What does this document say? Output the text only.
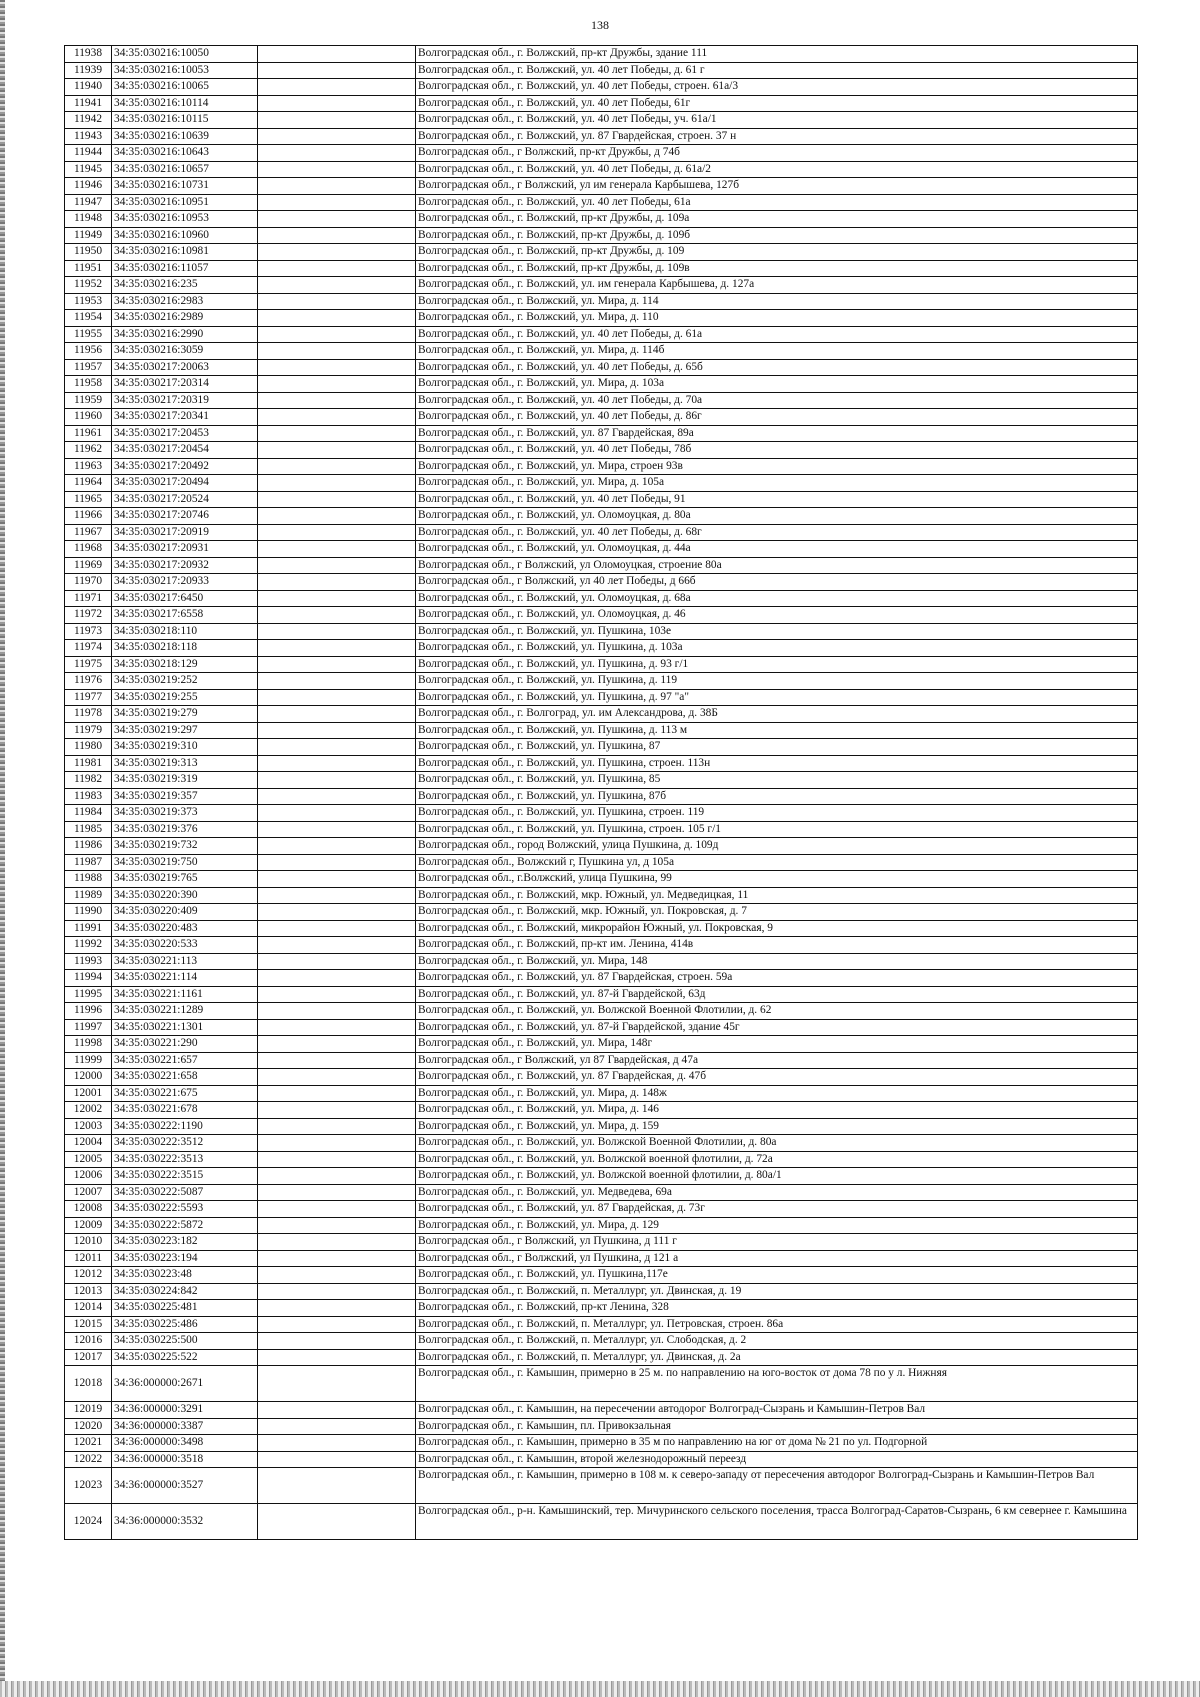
138
11938	34:35:030216:10050		Волгоградская обл., г. Волжский, пр-кт Дружбы, здание 111
11939	34:35:030216:10053		Волгоградская обл., г. Волжский, ул. 40 лет Победы, д. 61 г
11940	34:35:030216:10065		Волгоградская обл., г. Волжский, ул. 40 лет Победы, строен. 61а/3
11941	34:35:030216:10114		Волгоградская обл., г. Волжский, ул. 40 лет Победы, 61г
11942	34:35:030216:10115		Волгоградская обл., г. Волжский, ул. 40 лет Победы, уч. 61а/1
11943	34:35:030216:10639		Волгоградская обл., г. Волжский, ул. 87 Гвардейская, строен. 37 н
11944	34:35:030216:10643		Волгоградская обл., г Волжский, пр-кт Дружбы, д 74б
11945	34:35:030216:10657		Волгоградская обл., г. Волжский, ул. 40 лет Победы, д. 61а/2
11946	34:35:030216:10731		Волгоградская обл., г Волжский, ул им генерала Карбышева, 127б
11947	34:35:030216:10951		Волгоградская обл., г. Волжский, ул. 40 лет Победы, 61а
11948	34:35:030216:10953		Волгоградская обл., г. Волжский, пр-кт Дружбы, д. 109а
11949	34:35:030216:10960		Волгоградская обл., г. Волжский, пр-кт Дружбы, д. 109б
11950	34:35:030216:10981		Волгоградская обл., г. Волжский, пр-кт Дружбы, д. 109
11951	34:35:030216:11057		Волгоградская обл., г. Волжский, пр-кт Дружбы, д. 109в
11952	34:35:030216:235		Волгоградская обл., г. Волжский, ул. им генерала Карбышева, д. 127а
11953	34:35:030216:2983		Волгоградская обл., г. Волжский, ул. Мира, д. 114
11954	34:35:030216:2989		Волгоградская обл., г. Волжский, ул. Мира, д. 110
11955	34:35:030216:2990		Волгоградская обл., г. Волжский, ул. 40 лет Победы, д. 61а
11956	34:35:030216:3059		Волгоградская обл., г. Волжский, ул. Мира, д. 114б
11957	34:35:030217:20063		Волгоградская обл., г. Волжский, ул. 40 лет Победы, д. 65б
11958	34:35:030217:20314		Волгоградская обл., г. Волжский, ул. Мира, д. 103а
11959	34:35:030217:20319		Волгоградская обл., г. Волжский, ул. 40 лет Победы, д. 70а
11960	34:35:030217:20341		Волгоградская обл., г. Волжский, ул. 40 лет Победы, д. 86г
11961	34:35:030217:20453		Волгоградская обл., г. Волжский, ул. 87 Гвардейская, 89а
11962	34:35:030217:20454		Волгоградская обл., г. Волжский, ул. 40 лет Победы, 78б
11963	34:35:030217:20492		Волгоградская обл., г. Волжский, ул. Мира, строен 93в
11964	34:35:030217:20494		Волгоградская обл., г. Волжский, ул. Мира, д. 105а
11965	34:35:030217:20524		Волгоградская обл., г. Волжский, ул. 40 лет Победы, 91
11966	34:35:030217:20746		Волгоградская обл., г. Волжский, ул. Оломоуцкая, д. 80а
11967	34:35:030217:20919		Волгоградская обл., г. Волжский, ул. 40 лет Победы, д. 68г
11968	34:35:030217:20931		Волгоградская обл., г. Волжский, ул. Оломоуцкая, д. 44а
11969	34:35:030217:20932		Волгоградская обл., г Волжский, ул Оломоуцкая, строение 80а
11970	34:35:030217:20933		Волгоградская обл., г Волжский, ул 40 лет Победы, д 66б
11971	34:35:030217:6450		Волгоградская обл., г. Волжский, ул. Оломоуцкая, д. 68а
11972	34:35:030217:6558		Волгоградская обл., г. Волжский, ул. Оломоуцкая, д. 46
11973	34:35:030218:110		Волгоградская обл., г. Волжский, ул. Пушкина, 103е
11974	34:35:030218:118		Волгоградская обл., г. Волжский, ул. Пушкина, д. 103а
11975	34:35:030218:129		Волгоградская обл., г. Волжский, ул. Пушкина, д. 93 г/1
11976	34:35:030219:252		Волгоградская обл., г. Волжский, ул. Пушкина, д. 119
11977	34:35:030219:255		Волгоградская обл., г. Волжский, ул. Пушкина, д. 97 "а"
11978	34:35:030219:279		Волгоградская обл., г. Волгоград, ул. им Александрова, д. 38Б
11979	34:35:030219:297		Волгоградская обл., г. Волжский, ул. Пушкина, д. 113 м
11980	34:35:030219:310		Волгоградская обл., г. Волжский, ул. Пушкина, 87
11981	34:35:030219:313		Волгоградская обл., г. Волжский, ул. Пушкина, строен. 113н
11982	34:35:030219:319		Волгоградская обл., г. Волжский, ул. Пушкина, 85
11983	34:35:030219:357		Волгоградская обл., г. Волжский, ул. Пушкина, 87б
11984	34:35:030219:373		Волгоградская обл., г. Волжский, ул. Пушкина, строен. 119
11985	34:35:030219:376		Волгоградская обл., г. Волжский, ул. Пушкина, строен. 105 г/1
11986	34:35:030219:732		Волгоградская обл., город Волжский, улица Пушкина, д. 109д
11987	34:35:030219:750		Волгоградская обл., Волжский г, Пушкина ул, д 105а
11988	34:35:030219:765		Волгоградская обл., г.Волжский, улица Пушкина, 99
11989	34:35:030220:390		Волгоградская обл., г. Волжский, мкр. Южный, ул. Медведицкая, 11
11990	34:35:030220:409		Волгоградская обл., г. Волжский, мкр. Южный, ул. Покровская, д. 7
11991	34:35:030220:483		Волгоградская обл., г. Волжский, микрорайон Южный, ул. Покровская, 9
11992	34:35:030220:533		Волгоградская обл., г. Волжский, пр-кт им. Ленина, 414в
11993	34:35:030221:113		Волгоградская обл., г. Волжский, ул. Мира, 148
11994	34:35:030221:114		Волгоградская обл., г. Волжский, ул. 87 Гвардейская, строен. 59а
11995	34:35:030221:1161		Волгоградская обл., г. Волжский, ул. 87-й Гвардейской, 63д
11996	34:35:030221:1289		Волгоградская обл., г. Волжский, ул. Волжской Военной Флотилии, д. 62
11997	34:35:030221:1301		Волгоградская обл., г. Волжский, ул. 87-й Гвардейской, здание 45г
11998	34:35:030221:290		Волгоградская обл., г. Волжский, ул. Мира, 148г
11999	34:35:030221:657		Волгоградская обл., г Волжский, ул 87 Гвардейская, д 47а
12000	34:35:030221:658		Волгоградская обл., г. Волжский, ул. 87 Гвардейская, д. 47б
12001	34:35:030221:675		Волгоградская обл., г. Волжский, ул. Мира, д. 148ж
12002	34:35:030221:678		Волгоградская обл., г. Волжский, ул. Мира, д. 146
12003	34:35:030222:1190		Волгоградская обл., г. Волжский, ул. Мира, д. 159
12004	34:35:030222:3512		Волгоградская обл., г. Волжский, ул. Волжской Военной Флотилии, д. 80а
12005	34:35:030222:3513		Волгоградская обл., г. Волжский, ул. Волжской военной флотилии, д. 72а
12006	34:35:030222:3515		Волгоградская обл., г. Волжский, ул. Волжской военной флотилии, д. 80а/1
12007	34:35:030222:5087		Волгоградская обл., г. Волжский, ул. Медведева, 69а
12008	34:35:030222:5593		Волгоградская обл., г. Волжский, ул. 87 Гвардейская, д. 73г
12009	34:35:030222:5872		Волгоградская обл., г. Волжский, ул. Мира, д. 129
12010	34:35:030223:182		Волгоградская обл., г Волжский, ул Пушкина, д 111 г
12011	34:35:030223:194		Волгоградская обл., г Волжский, ул Пушкина, д 121 а
12012	34:35:030223:48		Волгоградская обл., г. Волжский, ул. Пушкина,117е
12013	34:35:030224:842		Волгоградская обл., г. Волжский, п. Металлург, ул. Двинская, д. 19
12014	34:35:030225:481		Волгоградская обл., г. Волжский, пр-кт Ленина, 328
12015	34:35:030225:486		Волгоградская обл., г. Волжский, п. Металлург, ул. Петровская, строен. 86а
12016	34:35:030225:500		Волгоградская обл., г. Волжский, п. Металлург, ул. Слободская, д. 2
12017	34:35:030225:522		Волгоградская обл., г. Волжский, п. Металлург, ул. Двинская, д. 2а
12018	34:36:000000:2671		Волгоградская обл., г. Камышин, примерно в 25 м. по направлению на юго-восток от дома 78 по у л. Нижняя
12019	34:36:000000:3291		Волгоградская обл., г. Камышин, на пересечении автодорог Волгоград-Сызрань и Камышин-Петров Вал
12020	34:36:000000:3387		Волгоградская обл., г. Камышин, пл. Привокзальная
12021	34:36:000000:3498		Волгоградская обл., г. Камышин, примерно в 35 м по направлению на юг от дома № 21 по ул. Подгорной
12022	34:36:000000:3518		Волгоградская обл., г. Камышин, второй железнодорожный переезд
12023	34:36:000000:3527		Волгоградская обл., г. Камышин, примерно в 108 м. к северо-западу от пересечения автодорог Волгоград-Сызрань и Камышин-Петров Вал
12024	34:36:000000:3532		Волгоградская обл., р-н. Камышинский, тер. Мичуринского сельского поселения, трасса Волгоград-Саратов-Сызрань, 6 км севернее г. Камышина
